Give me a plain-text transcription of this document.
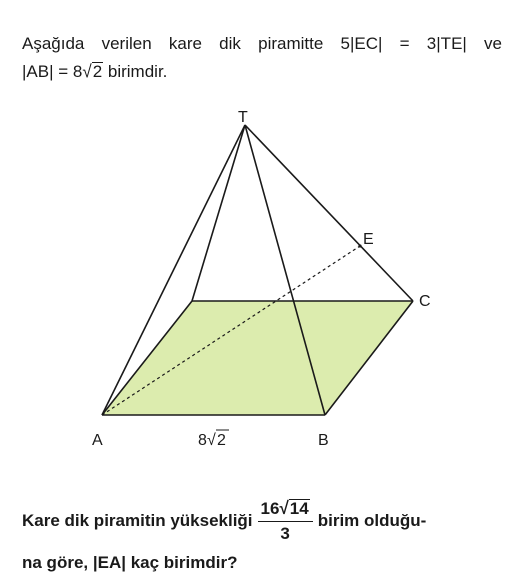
Aşağıda verilen kare dik piramitte 5|EC| = 3|TE| ve
|AB| = 8√2 birimdir.
T
E
C
A	B
8 √ 2
Kare dik piramitin yüksekliği $\frac{16√14}{3}$ birim olduğu-
na göre, |EA| kaç birimdir?
